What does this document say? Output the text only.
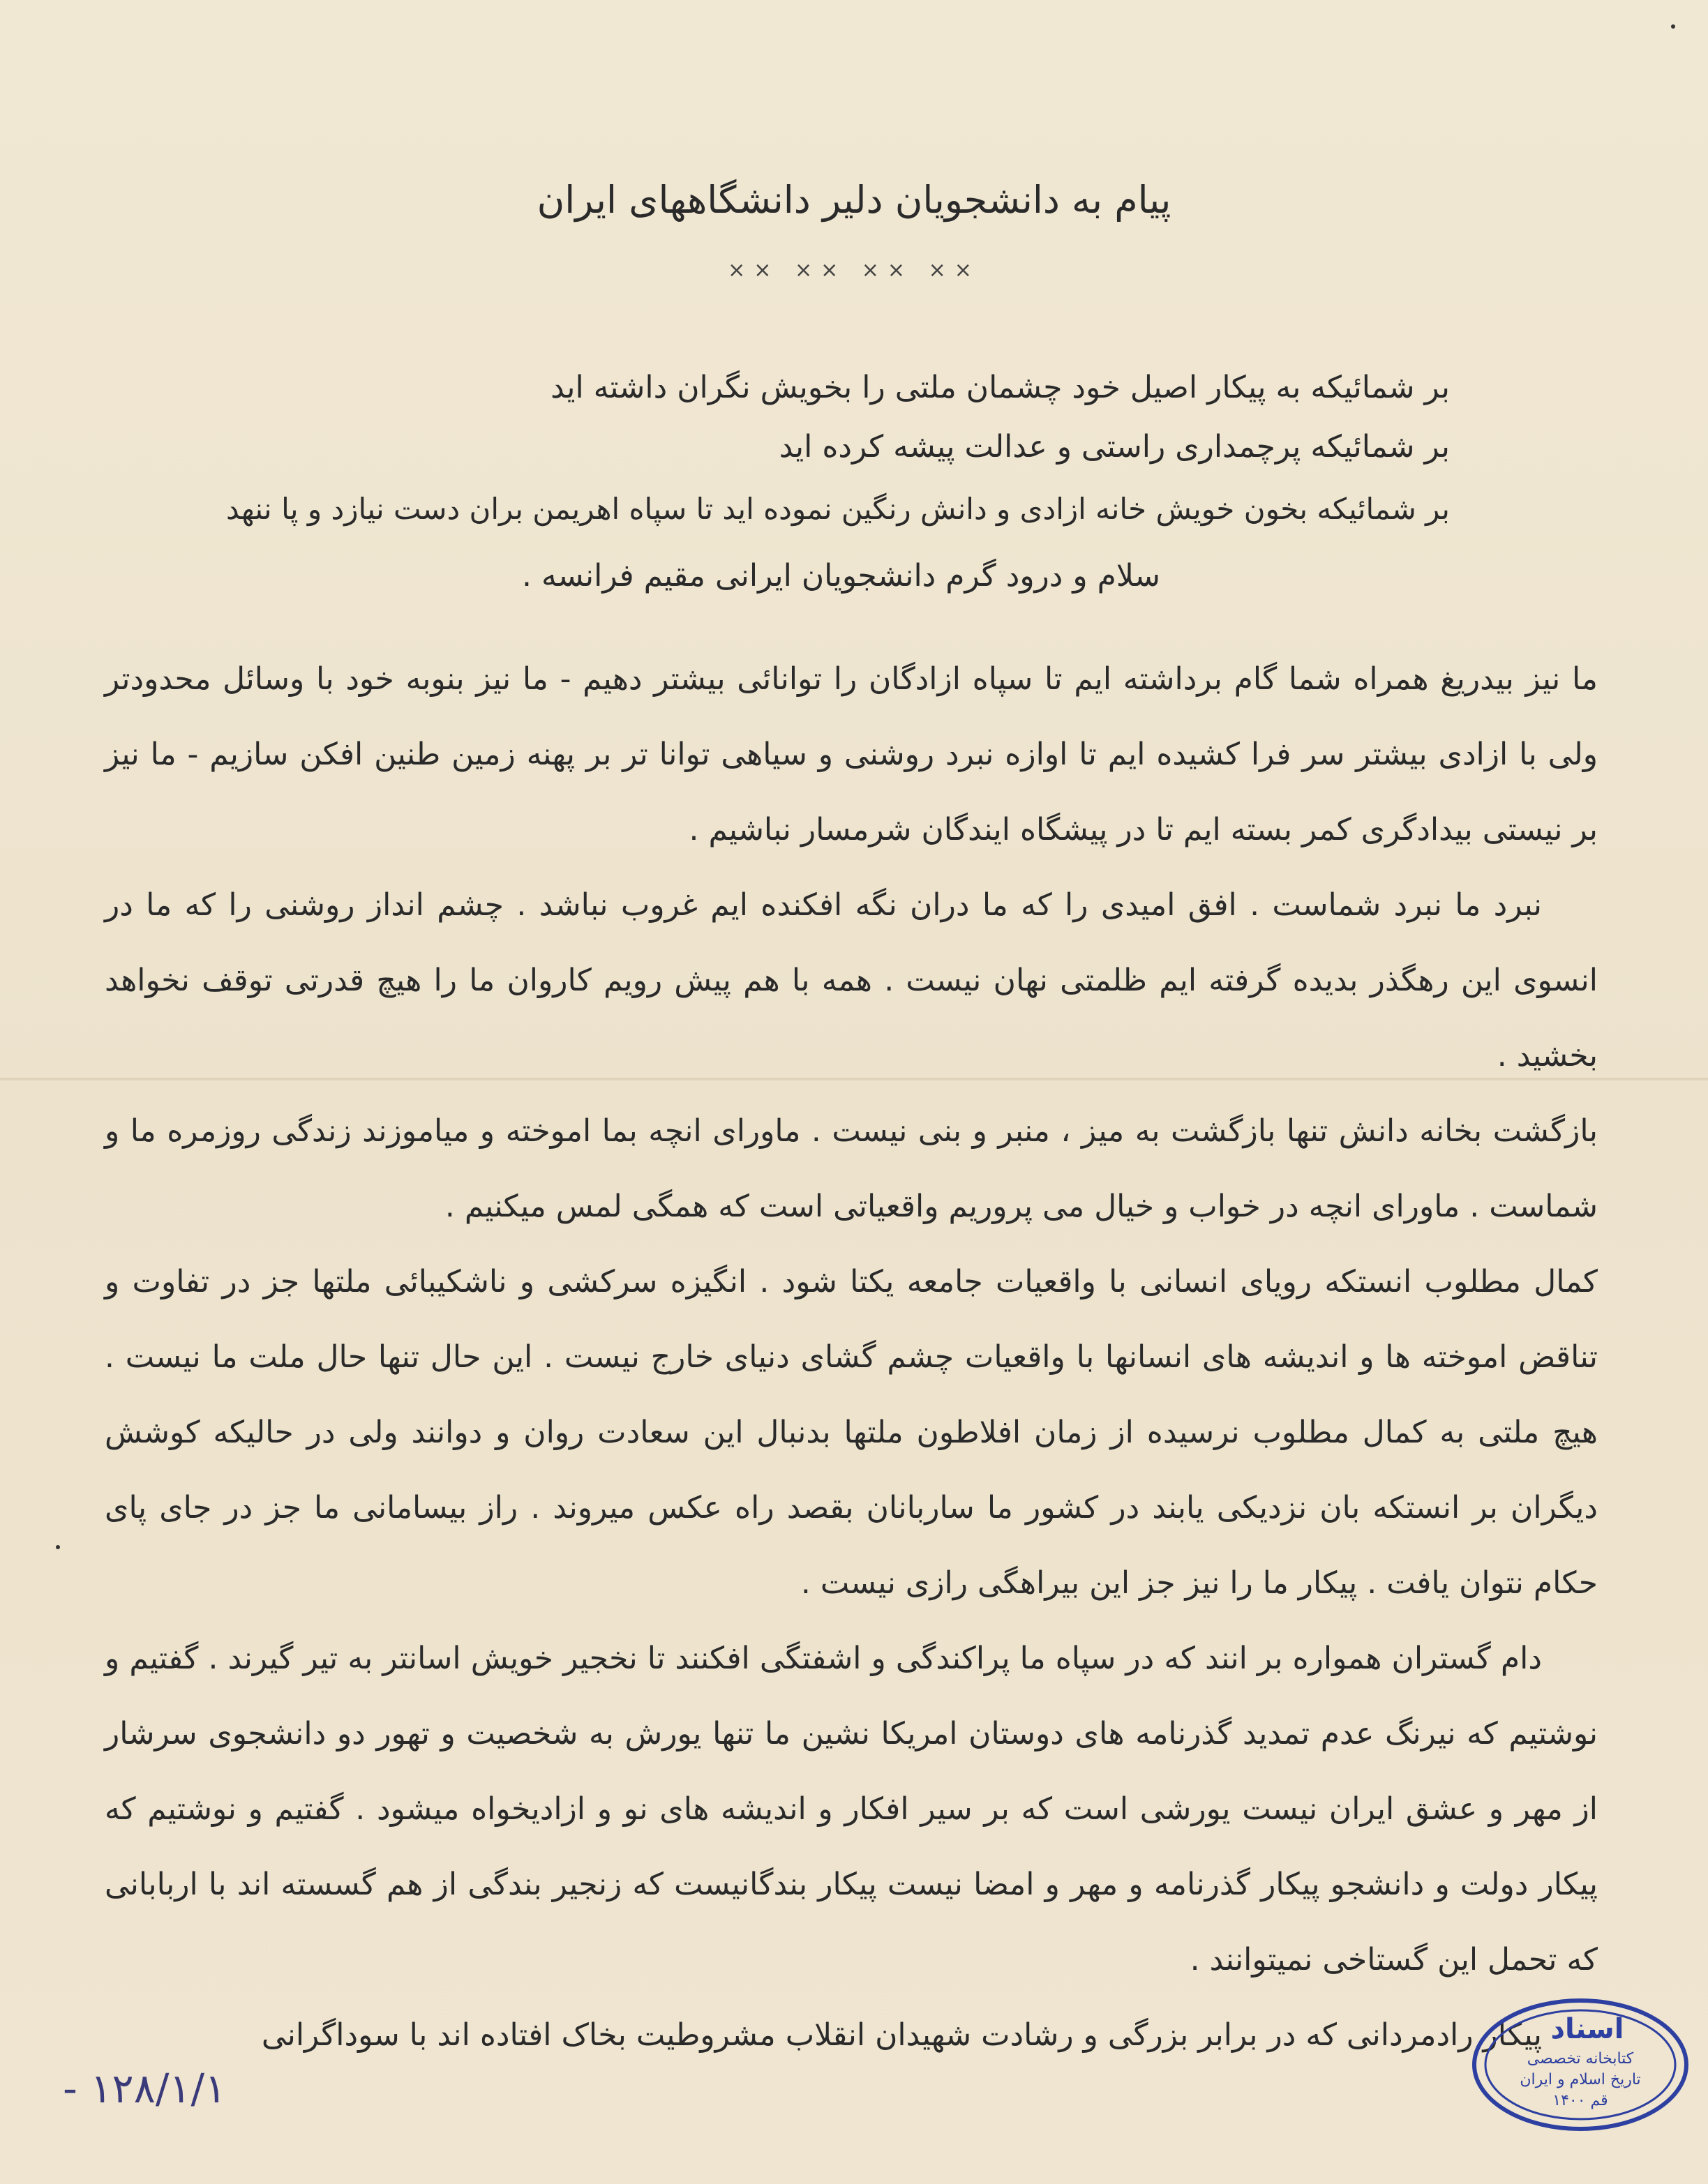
پیام به دانشجویان دلیر دانشگاههای ایران
×× ×× ×× ××
بر شمائیکه به پیکار اصیل خود چشمان ملتی را بخویش نگران داشته اید
بر شمائیکه پرچمداری راستی و عدالت پیشه کرده اید
بر شمائیکه بخون خویش خانه ازادی و دانش رنگین نموده اید تا سپاه اهریمن بران دست نیازد و پا ننهد
سلام و درود گرم دانشجویان ایرانی مقیم فرانسه .

ما نیز بیدریغ همراه شما گام برداشته ایم تا سپاه ازادگان را توانائی بیشتر دهیم - ما نیز بنوبه خود با وسائل محدودتر ولی با ازادی بیشتر سر فرا کشیده ایم تا اوازه نبرد روشنی و سیاهی توانا تر بر پهنه زمین طنین افکن سازیم - ما نیز بر نیستی بیدادگری کمر بسته ایم تا در پیشگاه ایندگان شرمسار نباشیم .

نبرد ما نبرد شماست . افق امیدی را که ما دران نگه افکنده ایم غروب نباشد . چشم انداز روشنی را که ما در انسوی این رهگذر بدیده گرفته ایم ظلمتی نهان نیست . همه با هم پیش رویم کاروان ما را هیچ قدرتی توقف نخواهد بخشید .

بازگشت بخانه دانش تنها بازگشت به میز ، منبر و بنی نیست . ماورای انچه بما اموخته و میاموزند زندگی روزمره ما و شماست . ماورای انچه در خواب و خیال می پروریم واقعیاتی است که همگی لمس میکنیم .

کمال مطلوب انستکه رویای انسانی با واقعیات جامعه یکتا شود . انگیزه سرکشی و ناشکیبائی ملتها جز در تفاوت و تناقض اموخته ها و اندیشه های انسانها با واقعیات چشم گشای دنیای خارج نیست . این حال تنها حال ملت ما نیست . هیچ ملتی به کمال مطلوب نرسیده از زمان افلاطون ملتها بدنبال این سعادت روان و دوانند ولی در حالیکه کوشش دیگران بر انستکه بان نزدیکی یابند در کشور ما ساربانان بقصد راه عکس میروند . راز بیسامانی ما جز در جای پای حکام نتوان یافت . پیکار ما را نیز جز این بیراهگی رازی نیست .

دام گستران همواره بر انند که در سپاه ما پراکندگی و اشفتگی افکنند تا نخجیر خویش اسانتر به تیر گیرند . گفتیم و نوشتیم که نیرنگ عدم تمدید گذرنامه های دوستان امریکا نشین ما تنها یورش به شخصیت و تهور دو دانشجوی سرشار از مهر و عشق ایران نیست یورشی است که بر سیر افکار و اندیشه های نو و ازادیخواه میشود . گفتیم و نوشتیم که پیکار دولت و دانشجو پیکار گذرنامه و مهر و امضا نیست پیکار بندگانیست که زنجیر بندگی از هم گسسته اند با اربابانی که تحمل این گستاخی نمیتوانند .

پیکار رادمردانی که در برابر بزرگی و رشادت شهیدان انقلاب مشروطیت بخاک افتاده اند با سوداگرانی

۱۲۸/۱/۱ -
اسناد
کتابخانه تخصصی
تاریخ اسلام و ایران
قم ۱۴۰۰
